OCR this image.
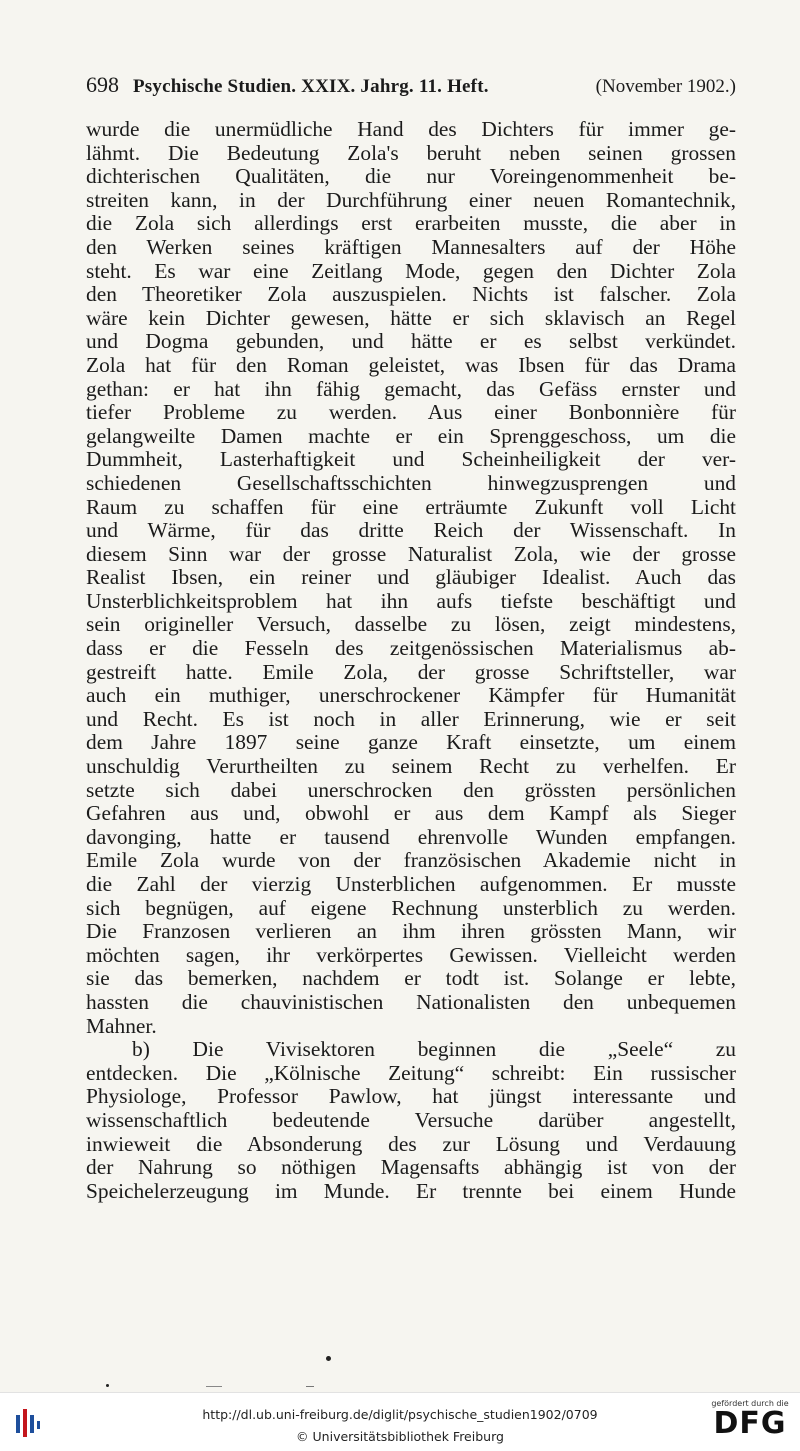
698 Psychische Studien. XXIX. Jahrg. 11. Heft.	(November 1902.)
wurde die unermüdliche Hand des Dichters für immer ge-
lähmt. Die Bedeutung Zola's beruht neben seinen grossen
dichterischen Qualitäten, die nur Voreingenommenheit be-
streiten kann, in der Durchführung einer neuen Romantechnik,
die Zola sich allerdings erst erarbeiten musste, die aber in
den Werken seines kräftigen Mannesalters auf der Höhe
steht. Es war eine Zeitlang Mode, gegen den Dichter Zola
den Theoretiker Zola auszuspielen. Nichts ist falscher. Zola
wäre kein Dichter gewesen, hätte er sich sklavisch an Regel
und Dogma gebunden, und hätte er es selbst verkündet.
Zola hat für den Roman geleistet, was Ibsen für das Drama
gethan: er hat ihn fähig gemacht, das Gefäss ernster und
tiefer Probleme zu werden. Aus einer Bonbonnière für
gelangweilte Damen machte er ein Sprenggeschoss, um die
Dummheit, Lasterhaftigkeit und Scheinheiligkeit der ver-
schiedenen Gesellschaftsschichten hinwegzusprengen und
Raum zu schaffen für eine erträumte Zukunft voll Licht
und Wärme, für das dritte Reich der Wissenschaft. In
diesem Sinn war der grosse Naturalist Zola, wie der grosse
Realist Ibsen, ein reiner und gläubiger Idealist. Auch das
Unsterblichkeitsproblem hat ihn aufs tiefste beschäftigt und
sein origineller Versuch, dasselbe zu lösen, zeigt mindestens,
dass er die Fesseln des zeitgenössischen Materialismus ab-
gestreift hatte. Emile Zola, der grosse Schriftsteller, war
auch ein muthiger, unerschrockener Kämpfer für Humanität
und Recht. Es ist noch in aller Erinnerung, wie er seit
dem Jahre 1897 seine ganze Kraft einsetzte, um einem
unschuldig Verurtheilten zu seinem Recht zu verhelfen. Er
setzte sich dabei unerschrocken den grössten persönlichen
Gefahren aus und, obwohl er aus dem Kampf als Sieger
davonging, hatte er tausend ehrenvolle Wunden empfangen.
Emile Zola wurde von der französischen Akademie nicht in
die Zahl der vierzig Unsterblichen aufgenommen. Er musste
sich begnügen, auf eigene Rechnung unsterblich zu werden.
Die Franzosen verlieren an ihm ihren grössten Mann, wir
möchten sagen, ihr verkörpertes Gewissen. Vielleicht werden
sie das bemerken, nachdem er todt ist. Solange er lebte,
hassten die chauvinistischen Nationalisten den unbequemen
Mahner.
b) Die Vivisektoren beginnen die „Seele“ zu
entdecken. Die „Kölnische Zeitung“ schreibt: Ein russischer
Physiologe, Professor Pawlow, hat jüngst interessante und
wissenschaftlich bedeutende Versuche darüber angestellt,
inwieweit die Absonderung des zur Lösung und Verdauung
der Nahrung so nöthigen Magensafts abhängig ist von der
Speichelerzeugung im Munde. Er trennte bei einem Hunde
http://dl.ub.uni-freiburg.de/diglit/psychische_studien1902/0709
© Universitätsbibliothek Freiburg
gefördert durch die
DFG
